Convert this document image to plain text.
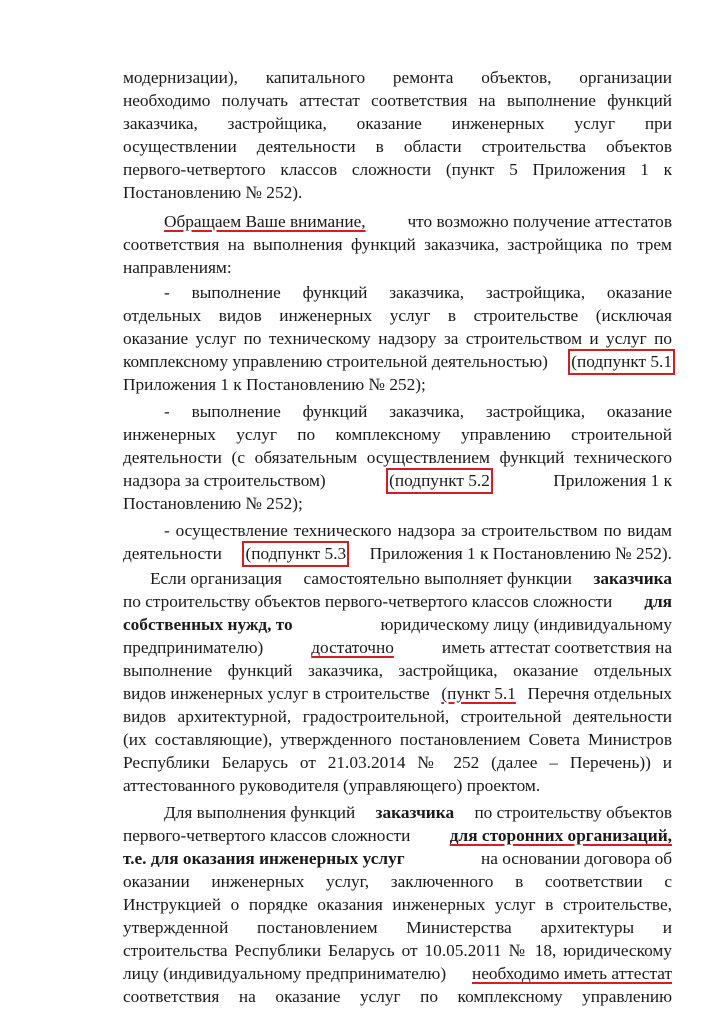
модернизации), капитального ремонта объектов, организации
необходимо получать аттестат соответствия на выполнение функций
заказчика, застройщика, оказание инженерных услуг при
осуществлении деятельности в области строительства объектов
первого-четвертого классов сложности (пункт 5 Приложения 1 к
Постановлению № 252).
Обращаем Ваше внимание, что возможно получение аттестатов
соответствия на выполнения функций заказчика, застройщика по трем
направлениям:
- выполнение функций заказчика, застройщика, оказание
отдельных видов инженерных услуг в строительстве (исключая
оказание услуг по техническому надзору за строительством и услуг по
комплексному управлению строительной деятельностью) (подпункт 5.1
Приложения 1 к Постановлению № 252);
- выполнение функций заказчика, застройщика, оказание
инженерных услуг по комплексному управлению строительной
деятельности (с обязательным осуществлением функций технического
надзора за строительством)	(подпункт 5.2	Приложения 1 к
Постановлению № 252);
- осуществление технического надзора за строительством по видам
деятельности (подпункт 5.3 Приложения 1 к Постановлению № 252).
Если организация самостоятельно выполняет функции заказчика
по строительству объектов первого-четвертого классов сложности для
собственных нужд, то	юридическому лицу (индивидуальному
предпринимателю)	достаточно	иметь аттестат соответствия на
выполнение функций заказчика, застройщика, оказание отдельных
видов инженерных услуг в строительстве (пункт 5.1 Перечня отдельных
видов архитектурной, градостроительной, строительной деятельности
(их составляющие), утвержденного постановлением Совета Министров
Республики Беларусь от 21.03.2014 № 252 (далее – Перечень)) и
аттестованного руководителя (управляющего) проектом.
Для выполнения функций заказчика по строительству объектов
первого-четвертого классов сложности для сторонних организаций,
т.е. для оказания инженерных услуг	на основании договора об
оказании инженерных услуг, заключенного в соответствии с
Инструкцией о порядке оказания инженерных услуг в строительстве,
утвержденной постановлением Министерства архитектуры и
строительства Республики Беларусь от 10.05.2011 № 18, юридическому
лицу (индивидуальному предпринимателю) необходимо иметь аттестат
соответствия на оказание услуг по комплексному управлению
